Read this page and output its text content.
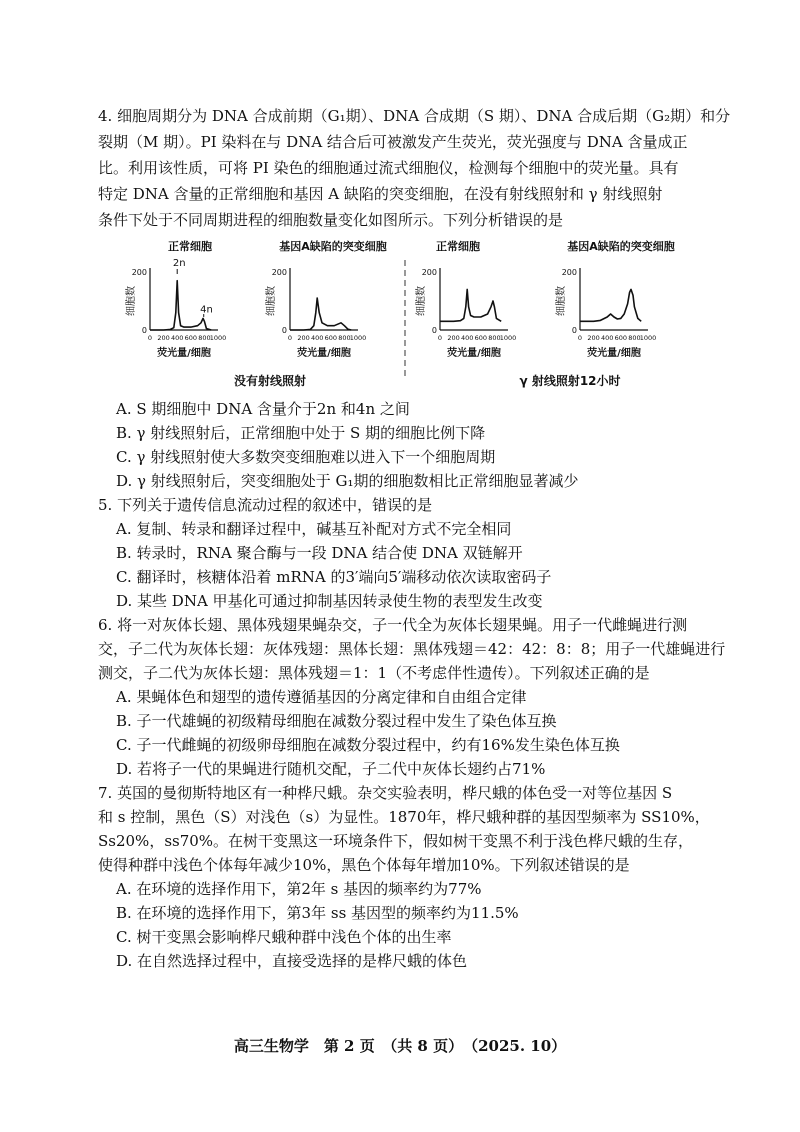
4. 细胞周期分为 DNA 合成前期（G₁期）、DNA 合成期（S 期）、DNA 合成后期（G₂期）和分
裂期（M 期）。PI 染料在与 DNA 结合后可被激发产生荧光，荧光强度与 DNA 含量成正
比。利用该性质，可将 PI 染色的细胞通过流式细胞仪，检测每个细胞中的荧光量。具有
特定 DNA 含量的正常细胞和基因 A 缺陷的突变细胞，在没有射线照射和 γ 射线照射
条件下处于不同周期进程的细胞数量变化如图所示。下列分析错误的是
正常细胞	基因A缺陷的突变细胞	正常细胞	基因A缺陷的突变细胞
200
0
0 200 400 600 800 1000
细胞数
荧光量/细胞
2n
4n
200
0
0 200 400 600 800 1000
细胞数
荧光量/细胞
200
0
0 200 400 600 800 1000
细胞数
荧光量/细胞
200
0
0 200 400 600 800 1000
细胞数
荧光量/细胞
没有射线照射	γ 射线照射12小时
A. S 期细胞中 DNA 含量介于2n 和4n 之间
B. γ 射线照射后，正常细胞中处于 S 期的细胞比例下降
C. γ 射线照射使大多数突变细胞难以进入下一个细胞周期
D. γ 射线照射后，突变细胞处于 G₁期的细胞数相比正常细胞显著减少
5. 下列关于遗传信息流动过程的叙述中，错误的是
A. 复制、转录和翻译过程中，碱基互补配对方式不完全相同
B. 转录时，RNA 聚合酶与一段 DNA 结合使 DNA 双链解开
C. 翻译时，核糖体沿着 mRNA 的3′端向5′端移动依次读取密码子
D. 某些 DNA 甲基化可通过抑制基因转录使生物的表型发生改变
6. 将一对灰体长翅、黑体残翅果蝇杂交，子一代全为灰体长翅果蝇。用子一代雌蝇进行测
交，子二代为灰体长翅：灰体残翅：黑体长翅：黑体残翅＝42：42：8：8；用子一代雄蝇进行
测交，子二代为灰体长翅：黑体残翅＝1：1（不考虑伴性遗传）。下列叙述正确的是
A. 果蝇体色和翅型的遗传遵循基因的分离定律和自由组合定律
B. 子一代雄蝇的初级精母细胞在减数分裂过程中发生了染色体互换
C. 子一代雌蝇的初级卵母细胞在减数分裂过程中，约有16%发生染色体互换
D. 若将子一代的果蝇进行随机交配，子二代中灰体长翅约占71%
7. 英国的曼彻斯特地区有一种桦尺蛾。杂交实验表明，桦尺蛾的体色受一对等位基因 S
和 s 控制，黑色（S）对浅色（s）为显性。1870年，桦尺蛾种群的基因型频率为 SS10%，
Ss20%，ss70%。在树干变黑这一环境条件下，假如树干变黑不利于浅色桦尺蛾的生存，
使得种群中浅色个体每年减少10%，黑色个体每年增加10%。下列叙述错误的是
A. 在环境的选择作用下，第2年 s 基因的频率约为77%
B. 在环境的选择作用下，第3年 ss 基因型的频率约为11.5%
C. 树干变黑会影响桦尺蛾种群中浅色个体的出生率
D. 在自然选择过程中，直接受选择的是桦尺蛾的体色
高三生物学　第 2 页　（共 8 页）　（2025. 10）
